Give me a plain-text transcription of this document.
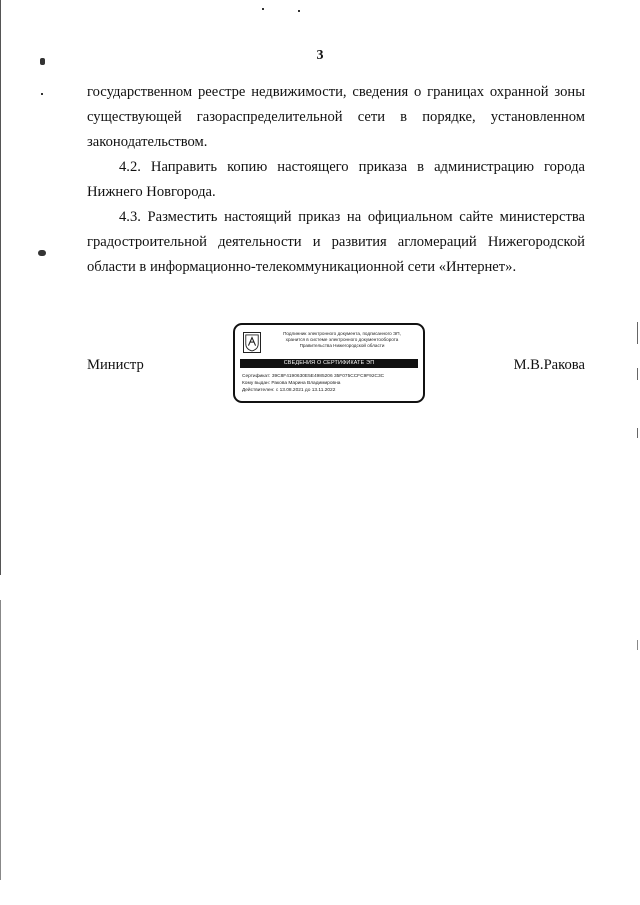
3
государственном реестре недвижимости, сведения о границах охранной зоны
существующей газораспределительной сети в порядке, установленном
законодательством.

4.2. Направить копию настоящего приказа в администрацию города Нижнего Новгорода.

4.3. Разместить настоящий приказ на официальном сайте министерства градостроительной деятельности и развития агломераций Нижегородской области в информационно-телекоммуникационной сети «Интернет».

Министр	М.В.Ракова
Подлинник электронного документа, подписанного ЭП,
хранится в системе электронного документооборота
Правительства Нижегородской области
СВЕДЕНИЯ О СЕРТИФИКАТЕ ЭП
Сертификат: 39C8F4190630E5E4985206 35F075CCFC9F92C3C
Кому выдан: Ракова Марина Владимировна
Действителен: с 13.08.2021 до 13.11.2022
